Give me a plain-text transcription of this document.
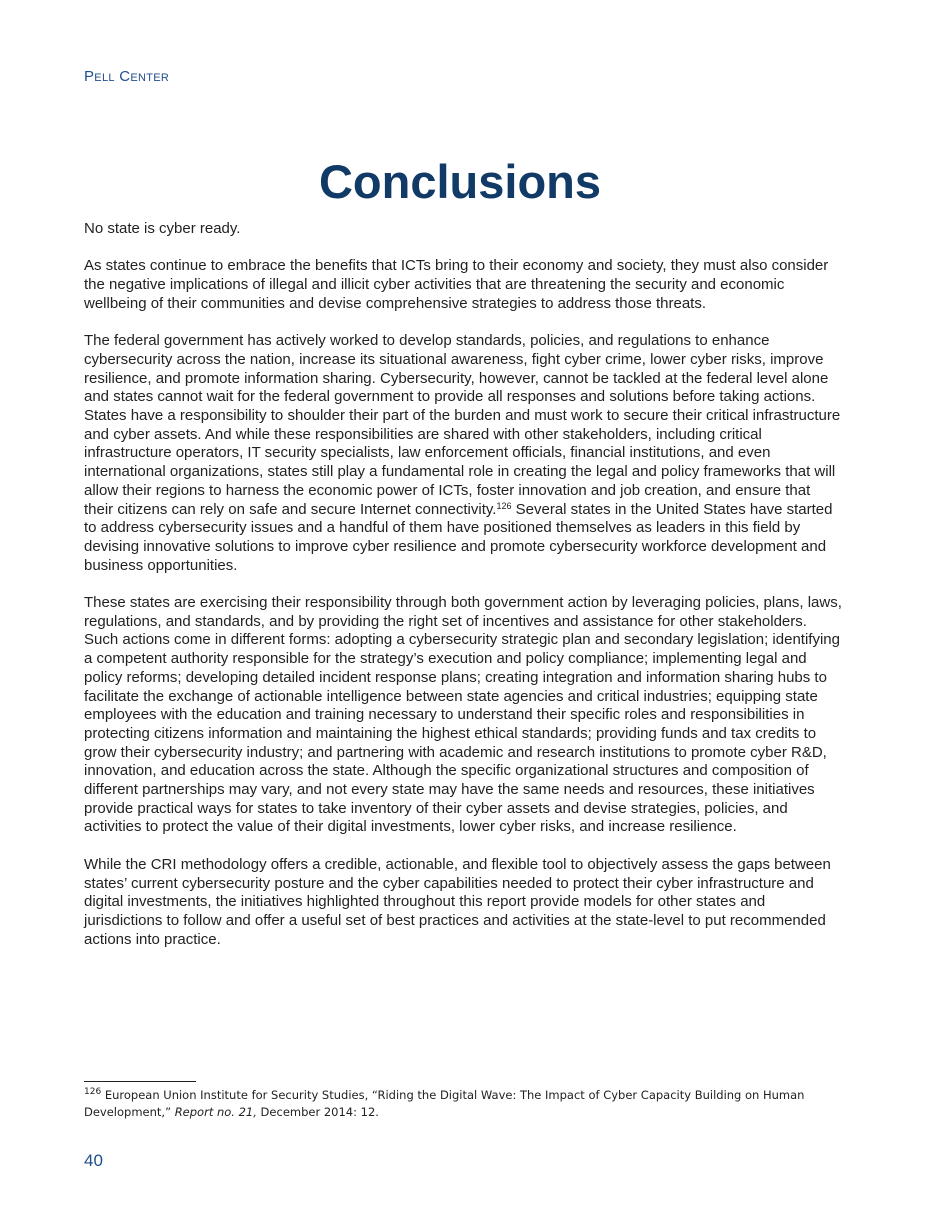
Pell Center
Conclusions

No state is cyber ready.

As states continue to embrace the benefits that ICTs bring to their economy and society, they must also consider the negative implications of illegal and illicit cyber activities that are threatening the security and economic wellbeing of their communities and devise comprehensive strategies to address those threats.

The federal government has actively worked to develop standards, policies, and regulations to enhance cybersecurity across the nation, increase its situational awareness, fight cyber crime, lower cyber risks, improve resilience, and promote information sharing. Cybersecurity, however, cannot be tackled at the federal level alone and states cannot wait for the federal government to provide all responses and solutions before taking actions. States have a responsibility to shoulder their part of the burden and must work to secure their critical infrastructure and cyber assets. And while these responsibilities are shared with other stakeholders, including critical infrastructure operators, IT security specialists, law enforcement officials, financial institutions, and even international organizations, states still play a fundamental role in creating the legal and policy frameworks that will allow their regions to harness the economic power of ICTs, foster innovation and job creation, and ensure that their citizens can rely on safe and secure Internet connectivity.$^{126}$ Several states in the United States have started to address cybersecurity issues and a handful of them have positioned themselves as leaders in this field by devising innovative solutions to improve cyber resilience and promote cybersecurity workforce development and business opportunities.

These states are exercising their responsibility through both government action by leveraging policies, plans, laws, regulations, and standards, and by providing the right set of incentives and assistance for other stakeholders. Such actions come in different forms: adopting a cybersecurity strategic plan and secondary legislation; identifying a competent authority responsible for the strategy’s execution and policy compliance; implementing legal and policy reforms; developing detailed incident response plans; creating integration and information sharing hubs to facilitate the exchange of actionable intelligence between state agencies and critical industries; equipping state employees with the education and training necessary to understand their specific roles and responsibilities in protecting citizens information and maintaining the highest ethical standards; providing funds and tax credits to grow their cybersecurity industry; and partnering with academic and research institutions to promote cyber R&D, innovation, and education across the state. Although the specific organizational structures and composition of different partnerships may vary, and not every state may have the same needs and resources, these initiatives provide practical ways for states to take inventory of their cyber assets and devise strategies, policies, and activities to protect the value of their digital investments, lower cyber risks, and increase resilience.

While the CRI methodology offers a credible, actionable, and flexible tool to objectively assess the gaps between states’ current cybersecurity posture and the cyber capabilities needed to protect their cyber infrastructure and digital investments, the initiatives highlighted throughout this report provide models for other states and jurisdictions to follow and offer a useful set of best practices and activities at the state-level to put recommended actions into practice.

$^{126}$ European Union Institute for Security Studies, “Riding the Digital Wave: The Impact of Cyber Capacity Building on Human Development,” Report no. 21, December 2014: 12.
40
